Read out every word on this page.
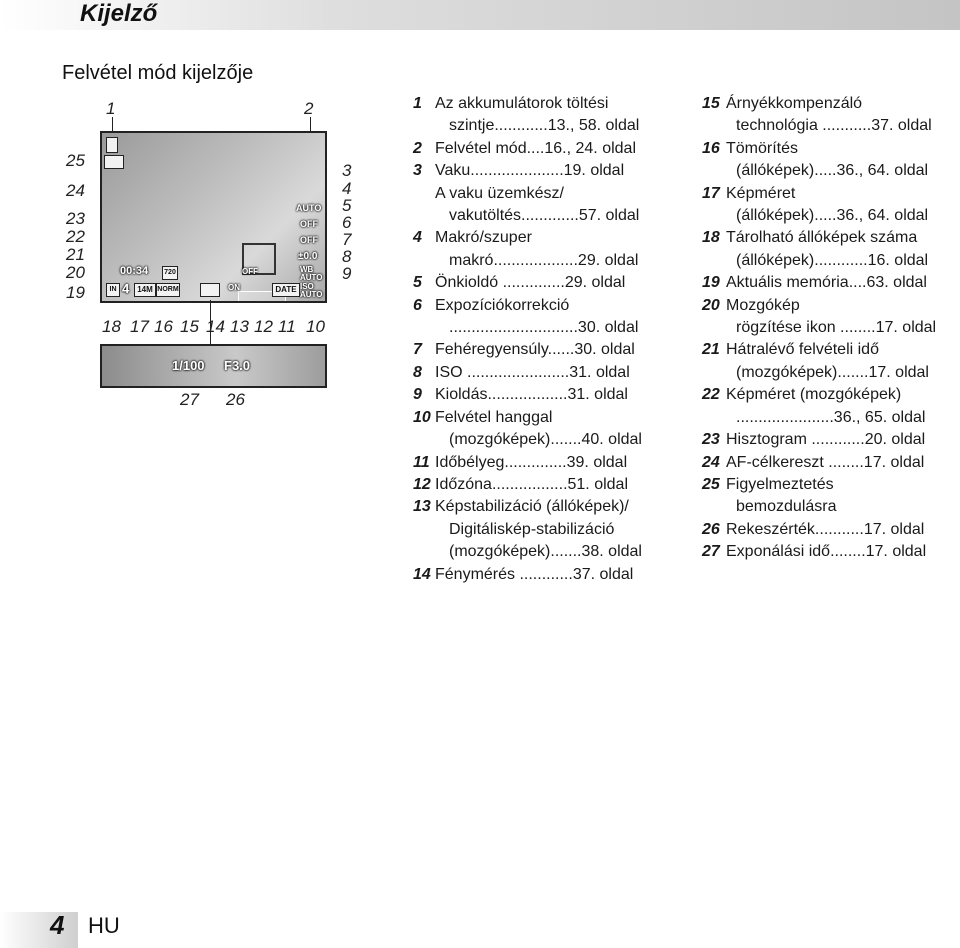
Kijelző
Felvétel mód kijelzője
AUTO
OFF
OFF
±0.0
WB AUTO
ISO AUTO
00:34	720
IN 4 14M NORM	ON	DATE
OFF
1/100 F3.0
1	2
3
4
5
6
7
8
9
10
11
12
13
14
15
16
17
18
19
20
21
22
23
24
25
26
27
1 Az akkumulátorok töltési
szintje............13., 58. oldal
2 Felvétel mód....16., 24. oldal
3 Vaku.....................19. oldal
A vaku üzemkész/
vakutöltés.............57. oldal
4 Makró/szuper
makró...................29. oldal
5 Önkioldó ..............29. oldal
6 Expozíciókorrekció
.............................30. oldal
7 Fehéregyensúly......30. oldal
8 ISO .......................31. oldal
9 Kioldás..................31. oldal
10 Felvétel hanggal
(mozgóképek).......40. oldal
11 Időbélyeg..............39. oldal
12 Időzóna.................51. oldal
13 Képstabilizáció (állóképek)/
Digitáliskép-stabilizáció
(mozgóképek).......38. oldal
14 Fénymérés ............37. oldal
15 Árnyékkompenzáló
technológia ...........37. oldal
16 Tömörítés
(állóképek).....36., 64. oldal
17 Képméret
(állóképek).....36., 64. oldal
18 Tárolható állóképek száma
(állóképek)............16. oldal
19 Aktuális memória....63. oldal
20 Mozgókép
rögzítése ikon ........17. oldal
21 Hátralévő felvételi idő
(mozgóképek).......17. oldal
22 Képméret (mozgóképek)
......................36., 65. oldal
23 Hisztogram ............20. oldal
24 AF-célkereszt ........17. oldal
25 Figyelmeztetés
bemozdulásra
26 Rekeszérték...........17. oldal
27 Exponálási idő........17. oldal
4 HU
